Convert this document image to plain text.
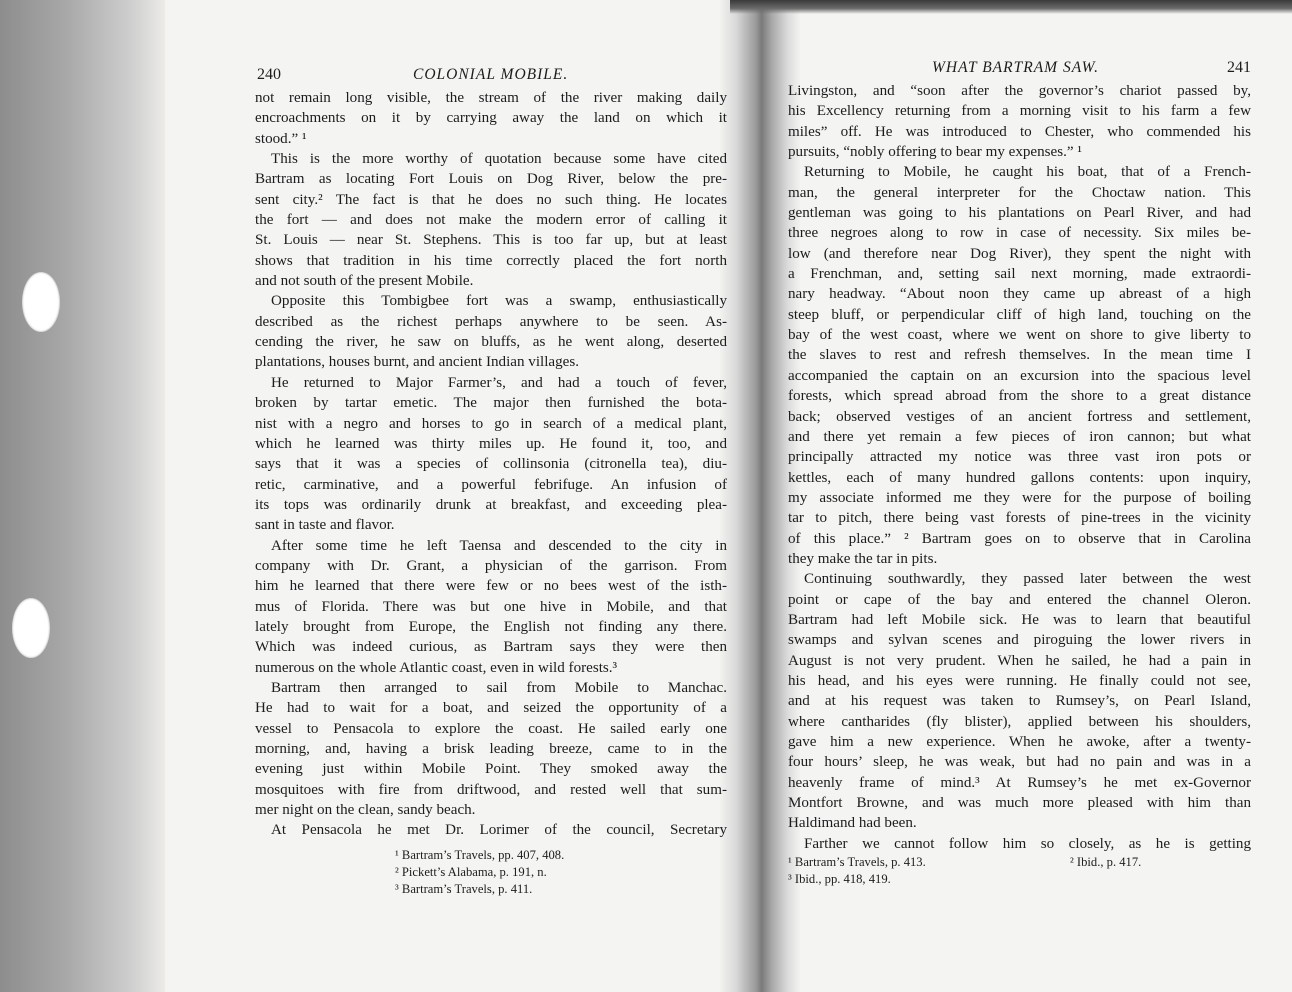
240	COLONIAL MOBILE.
not remain long visible, the stream of the river making daily
encroachments on it by carrying away the land on which it
stood.” ¹
This is the more worthy of quotation because some have cited
Bartram as locating Fort Louis on Dog River, below the pre-
sent city.² The fact is that he does no such thing. He locates
the fort — and does not make the modern error of calling it
St. Louis — near St. Stephens. This is too far up, but at least
shows that tradition in his time correctly placed the fort north
and not south of the present Mobile.
Opposite this Tombigbee fort was a swamp, enthusiastically
described as the richest perhaps anywhere to be seen. As-
cending the river, he saw on bluffs, as he went along, deserted
plantations, houses burnt, and ancient Indian villages.
He returned to Major Farmer’s, and had a touch of fever,
broken by tartar emetic. The major then furnished the bota-
nist with a negro and horses to go in search of a medical plant,
which he learned was thirty miles up. He found it, too, and
says that it was a species of collinsonia (citronella tea), diu-
retic, carminative, and a powerful febrifuge. An infusion of
its tops was ordinarily drunk at breakfast, and exceeding plea-
sant in taste and flavor.
After some time he left Taensa and descended to the city in
company with Dr. Grant, a physician of the garrison. From
him he learned that there were few or no bees west of the isth-
mus of Florida. There was but one hive in Mobile, and that
lately brought from Europe, the English not finding any there.
Which was indeed curious, as Bartram says they were then
numerous on the whole Atlantic coast, even in wild forests.³
Bartram then arranged to sail from Mobile to Manchac.
He had to wait for a boat, and seized the opportunity of a
vessel to Pensacola to explore the coast. He sailed early one
morning, and, having a brisk leading breeze, came to in the
evening just within Mobile Point. They smoked away the
mosquitoes with fire from driftwood, and rested well that sum-
mer night on the clean, sandy beach.
At Pensacola he met Dr. Lorimer of the council, Secretary
¹ Bartram’s Travels, pp. 407, 408.
² Pickett’s Alabama, p. 191, n.
³ Bartram’s Travels, p. 411.
WHAT BARTRAM SAW.	241
Livingston, and “soon after the governor’s chariot passed by,
his Excellency returning from a morning visit to his farm a few
miles” off. He was introduced to Chester, who commended his
pursuits, “nobly offering to bear my expenses.” ¹
Returning to Mobile, he caught his boat, that of a French-
man, the general interpreter for the Choctaw nation. This
gentleman was going to his plantations on Pearl River, and had
three negroes along to row in case of necessity. Six miles be-
low (and therefore near Dog River), they spent the night with
a Frenchman, and, setting sail next morning, made extraordi-
nary headway. “About noon they came up abreast of a high
steep bluff, or perpendicular cliff of high land, touching on the
bay of the west coast, where we went on shore to give liberty to
the slaves to rest and refresh themselves. In the mean time I
accompanied the captain on an excursion into the spacious level
forests, which spread abroad from the shore to a great distance
back; observed vestiges of an ancient fortress and settlement,
and there yet remain a few pieces of iron cannon; but what
principally attracted my notice was three vast iron pots or
kettles, each of many hundred gallons contents: upon inquiry,
my associate informed me they were for the purpose of boiling
tar to pitch, there being vast forests of pine-trees in the vicinity
of this place.” ² Bartram goes on to observe that in Carolina
they make the tar in pits.
Continuing southwardly, they passed later between the west
point or cape of the bay and entered the channel Oleron.
Bartram had left Mobile sick. He was to learn that beautiful
swamps and sylvan scenes and piroguing the lower rivers in
August is not very prudent. When he sailed, he had a pain in
his head, and his eyes were running. He finally could not see,
and at his request was taken to Rumsey’s, on Pearl Island,
where cantharides (fly blister), applied between his shoulders,
gave him a new experience. When he awoke, after a twenty-
four hours’ sleep, he was weak, but had no pain and was in a
heavenly frame of mind.³ At Rumsey’s he met ex-Governor
Montfort Browne, and was much more pleased with him than
Haldimand had been.
Farther we cannot follow him so closely, as he is getting
¹ Bartram’s Travels, p. 413.	² Ibid., p. 417.
³ Ibid., pp. 418, 419.
